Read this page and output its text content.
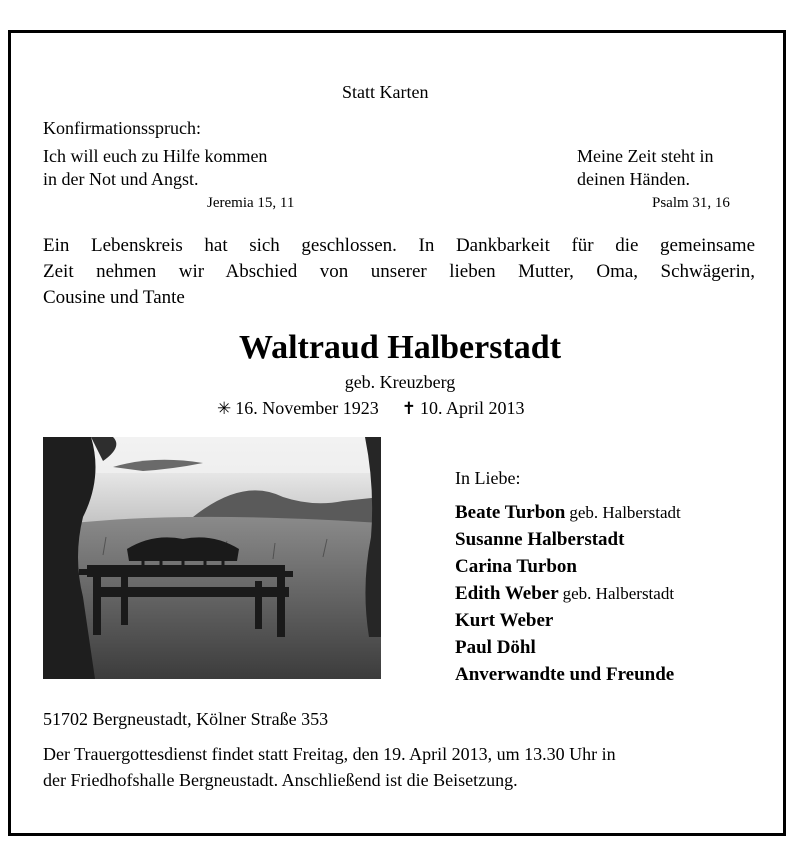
Statt Karten
Konfirmationsspruch:
Ich will euch zu Hilfe kommen
in der Not und Angst.
Jeremia 15, 11
Meine Zeit steht in
deinen Händen.
Psalm 31, 16
Ein Lebenskreis hat sich geschlossen. In Dankbarkeit für die gemeinsame
Zeit nehmen wir Abschied von unserer lieben Mutter, Oma, Schwägerin,
Cousine und Tante
Waltraud Halberstadt
geb. Kreuzberg
✳ 16. November 1923 ✝ 10. April 2013
In Liebe:
Beate Turbon geb. Halberstadt
Susanne Halberstadt
Carina Turbon
Edith Weber geb. Halberstadt
Kurt Weber
Paul Döhl
Anverwandte und Freunde
51702 Bergneustadt, Kölner Straße 353
Der Trauergottesdienst findet statt Freitag, den 19. April 2013, um 13.30 Uhr in
der Friedhofshalle Bergneustadt. Anschließend ist die Beisetzung.
